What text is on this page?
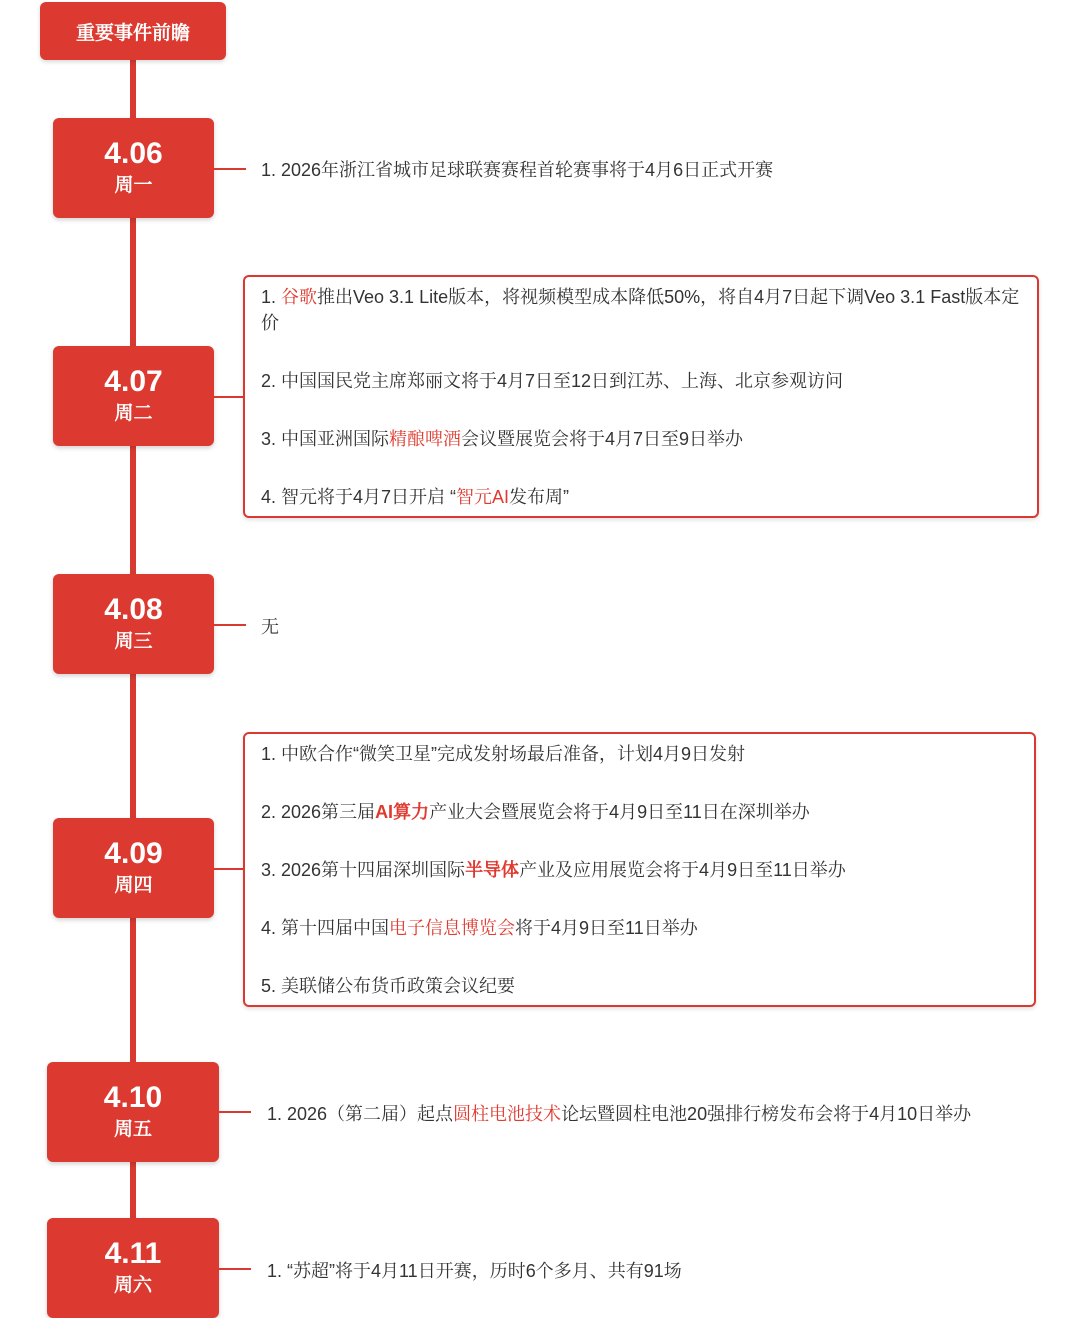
重要事件前瞻
4.06
周一
1. 2026年浙江省城市足球联赛赛程首轮赛事将于4月6日正式开赛
4.07
周二
1. 谷歌推出Veo 3.1 Lite版本，将视频模型成本降低50%，将自4月7日起下调Veo 3.1 Fast版本定价
2. 中国国民党主席郑丽文将于4月7日至12日到江苏、上海、北京参观访问
3. 中国亚洲国际精酿啤酒会议暨展览会将于4月7日至9日举办
4. 智元将于4月7日开启 “智元AI发布周”
4.08
周三
无
4.09
周四
1. 中欧合作“微笑卫星”完成发射场最后准备，计划4月9日发射
2. 2026第三届AI算力产业大会暨展览会将于4月9日至11日在深圳举办
3. 2026第十四届深圳国际半导体产业及应用展览会将于4月9日至11日举办
4. 第十四届中国电子信息博览会将于4月9日至11日举办
5. 美联储公布货币政策会议纪要
4.10
周五
1. 2026（第二届）起点圆柱电池技术论坛暨圆柱电池20强排行榜发布会将于4月10日举办
4.11
周六
1. “苏超”将于4月11日开赛，历时6个多月、共有91场
